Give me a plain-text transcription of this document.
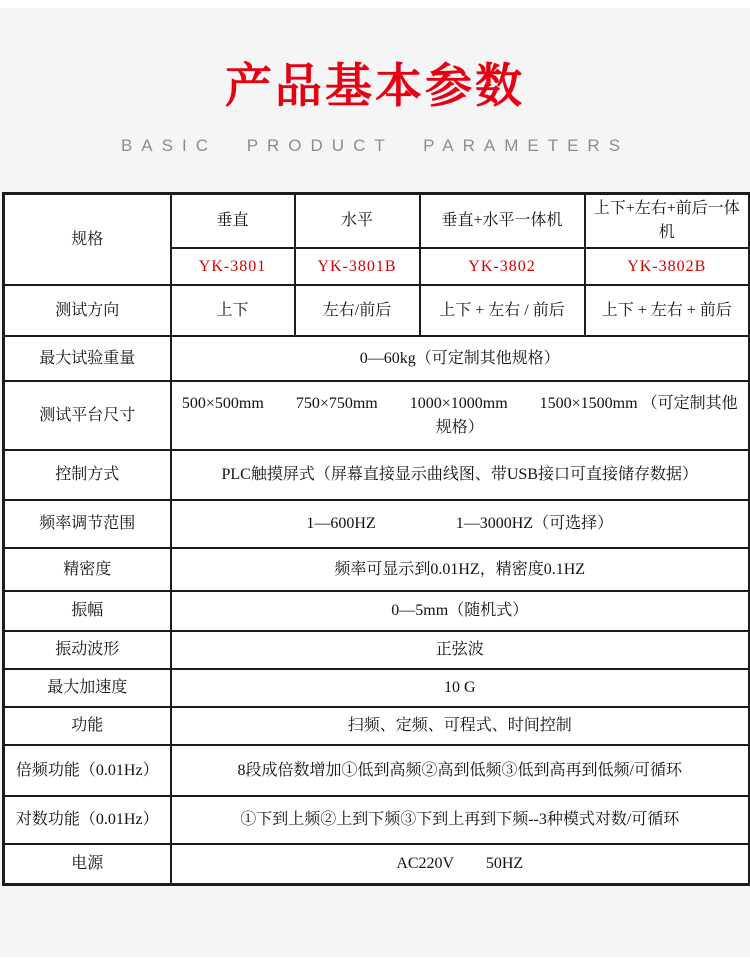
产品基本参数
BASIC PRODUCT PARAMETERS
规格	垂直	水平	垂直+水平一体机	上下+左右+前后一体机
	YK-3801	YK-3801B	YK-3802	YK-3802B
测试方向	上下	左右/前后	上下 + 左右 / 前后	上下 + 左右 + 前后
最大试验重量	0—60kg（可定制其他规格）			
测试平台尺寸	500×500mm　　750×750mm　　1000×1000mm　　1500×1500mm （可定制其他规格）			
控制方式	PLC触摸屏式（屏幕直接显示曲线图、带USB接口可直接储存数据）			
频率调节范围	1—600HZ　　　　　1—3000HZ（可选择）			
精密度	频率可显示到0.01HZ，精密度0.1HZ			
振幅	0—5mm（随机式）			
振动波形	正弦波			
最大加速度	10 G			
功能	扫频、定频、可程式、时间控制			
倍频功能（0.01Hz）	8段成倍数增加①低到高频②高到低频③低到高再到低频/可循环			
对数功能（0.01Hz）	①下到上频②上到下频③下到上再到下频--3种模式对数/可循环			
电源	AC220V　　50HZ			
